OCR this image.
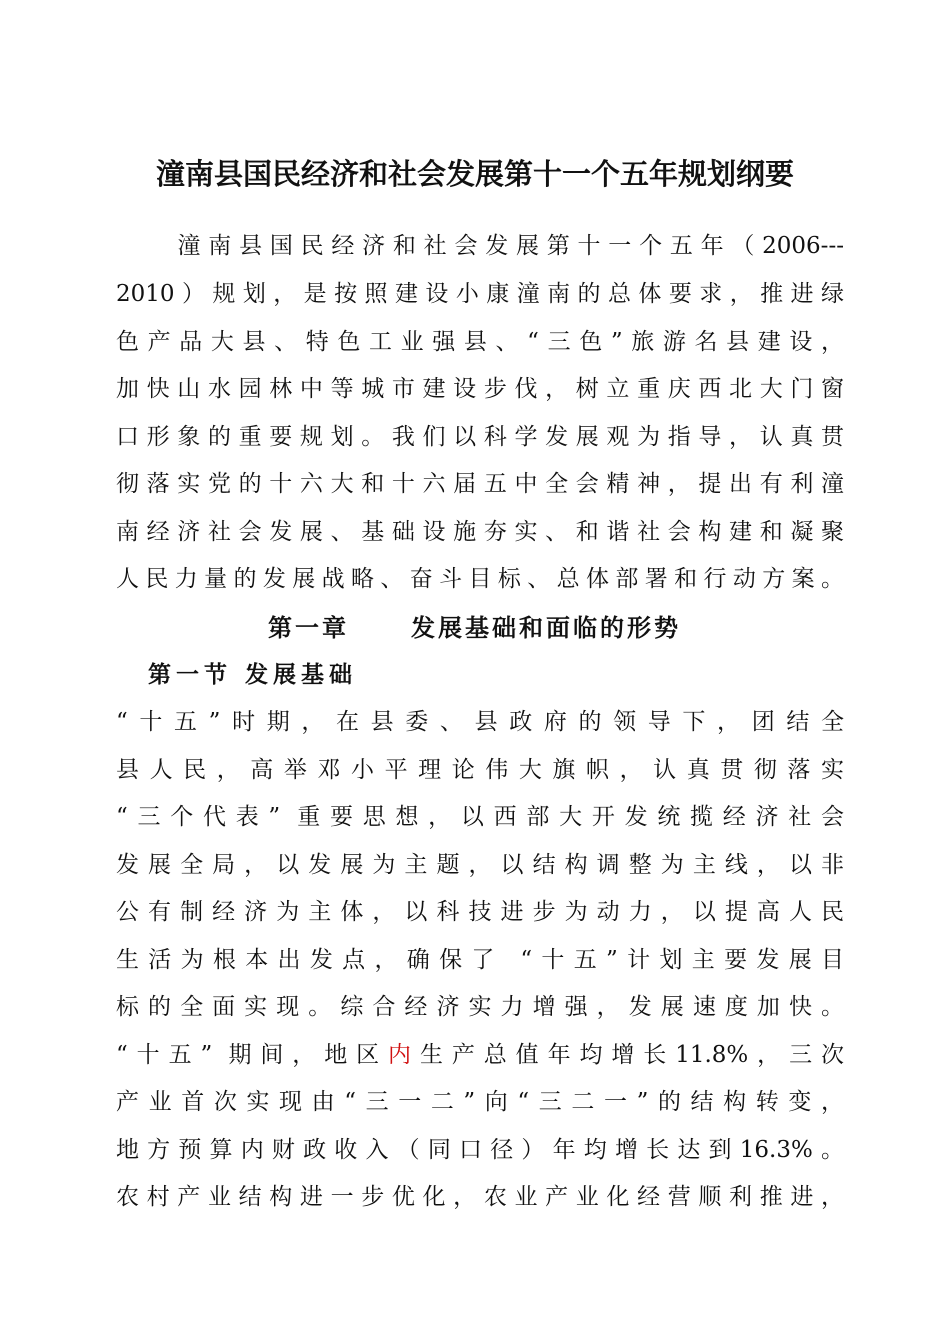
潼南县国民经济和社会发展第十一个五年规划纲要

　　潼南县国民经济和社会发展第十一个五年（2006---

2010）规划，是按照建设小康潼南的总体要求，推进绿

色产品大县、特色工业强县、“三色”旅游名县建设，

加快山水园林中等城市建设步伐，树立重庆西北大门窗

口形象的重要规划。我们以科学发展观为指导，认真贯

彻落实党的十六大和十六届五中全会精神，提出有利潼

南经济社会发展、基础设施夯实、和谐社会构建和凝聚

人民力量的发展战略、奋斗目标、总体部署和行动方案。

第一章	发展基础和面临的形势
第一节 发展基础

“十五”时期，在县委、县政府的领导下，团结全

县人民，高举邓小平理论伟大旗帜，认真贯彻落实

“三个代表” 重要思想，以西部大开发统揽经济社会

发展全局，以发展为主题，以结构调整为主线，以非

公有制经济为主体，以科技进步为动力，以提高人民

生活为根本出发点，确保了 “十五”计划主要发展目

标的全面实现。综合经济实力增强，发展速度加快。

“十五” 期间，地区内生产总值年均增长11.8%，三次

产业首次实现由“三一二”向“三二一”的结构转变，

地方预算内财政收入（同口径）年均增长达到16.3%。

农村产业结构进一步优化，农业产业化经营顺利推进，
